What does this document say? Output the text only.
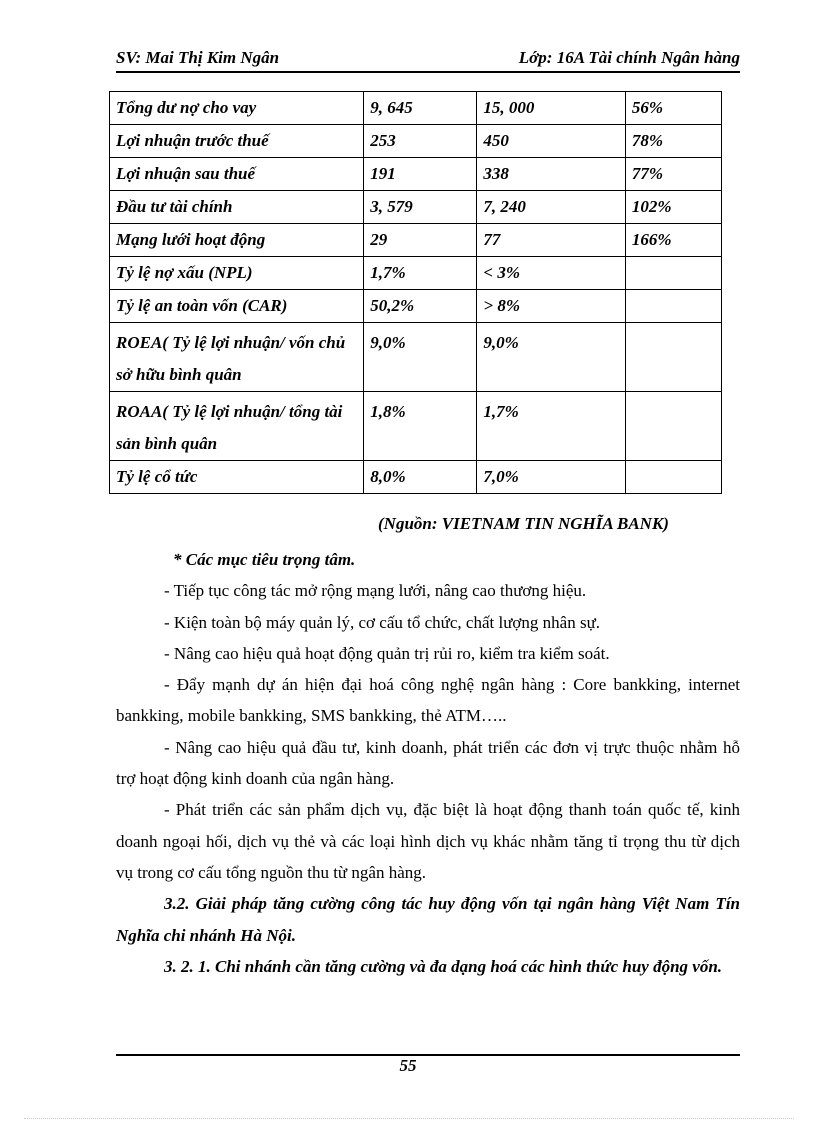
SV: Mai Thị Kim Ngân	Lớp: 16A Tài chính Ngân hàng
Tổng dư nợ cho vay	9, 645	15, 000	56%
Lợi nhuận trước thuế	253	450	78%
Lợi nhuận sau thuế	191	338	77%
Đầu tư tài chính	3, 579	7, 240	102%
Mạng lưới hoạt động	29	77	166%
Tỷ lệ nợ xấu (NPL)	1,7%	< 3%	
Tỷ lệ an toàn vốn (CAR)	50,2%	> 8%	
ROEA( Tỷ lệ lợi nhuận/ vốn chủ sở hữu bình quân	9,0%	9,0%	
ROAA( Tỷ lệ lợi nhuận/ tổng tài sản bình quân	1,8%	1,7%	
Tỷ lệ cổ tức	8,0%	7,0%	
(Nguồn: VIETNAM TIN NGHĨA BANK)

* Các mục tiêu trọng tâm.

- Tiếp tục công tác mở rộng mạng lưới, nâng cao thương hiệu.

- Kiện toàn bộ máy quản lý, cơ cấu tổ chức, chất lượng nhân sự.

- Nâng cao hiệu quả hoạt động quản trị rủi ro, kiểm tra kiểm soát.

- Đẩy mạnh dự án hiện đại hoá công nghệ ngân hàng : Core bankking, internet bankking, mobile bankking, SMS bankking, thẻ ATM…..

- Nâng cao hiệu quả đầu tư, kinh doanh, phát triển các đơn vị trực thuộc nhằm hỗ trợ hoạt động kinh doanh của ngân hàng.

- Phát triển các sản phẩm dịch vụ, đặc biệt là hoạt động thanh toán quốc tế, kinh doanh ngoại hối, dịch vụ thẻ và các loại hình dịch vụ khác nhằm tăng tỉ trọng thu từ dịch vụ trong cơ cấu tổng nguồn thu từ ngân hàng.

3.2. Giải pháp tăng cường công tác huy động vốn tại ngân hàng Việt Nam Tín Nghĩa chi nhánh Hà Nội.

3. 2. 1. Chi nhánh cần tăng cường và đa dạng hoá các hình thức huy động vốn.

55
